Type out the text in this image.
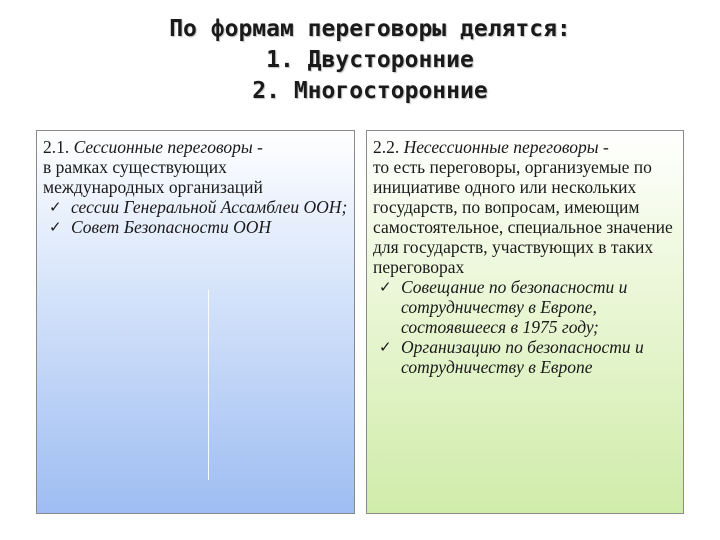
По формам переговоры делятся:
1. Двусторонние
2. Многосторонние
2.1. Сессионные переговоры -
в рамках существующих международных организаций
✓ сессии Генеральной Ассамблеи ООН;
✓ Совет Безопасности ООН
2.2. Несессионные переговоры -
то есть переговоры, организуемые по инициативе одного или нескольких государств, по вопросам, имеющим самостоятельное, специальное значение для государств, участвующих в таких переговорах
✓ Совещание по безопасности и сотрудничеству в Европе, состоявшееся в 1975 году;
✓ Организацию по безопасности и сотрудничеству в Европе
